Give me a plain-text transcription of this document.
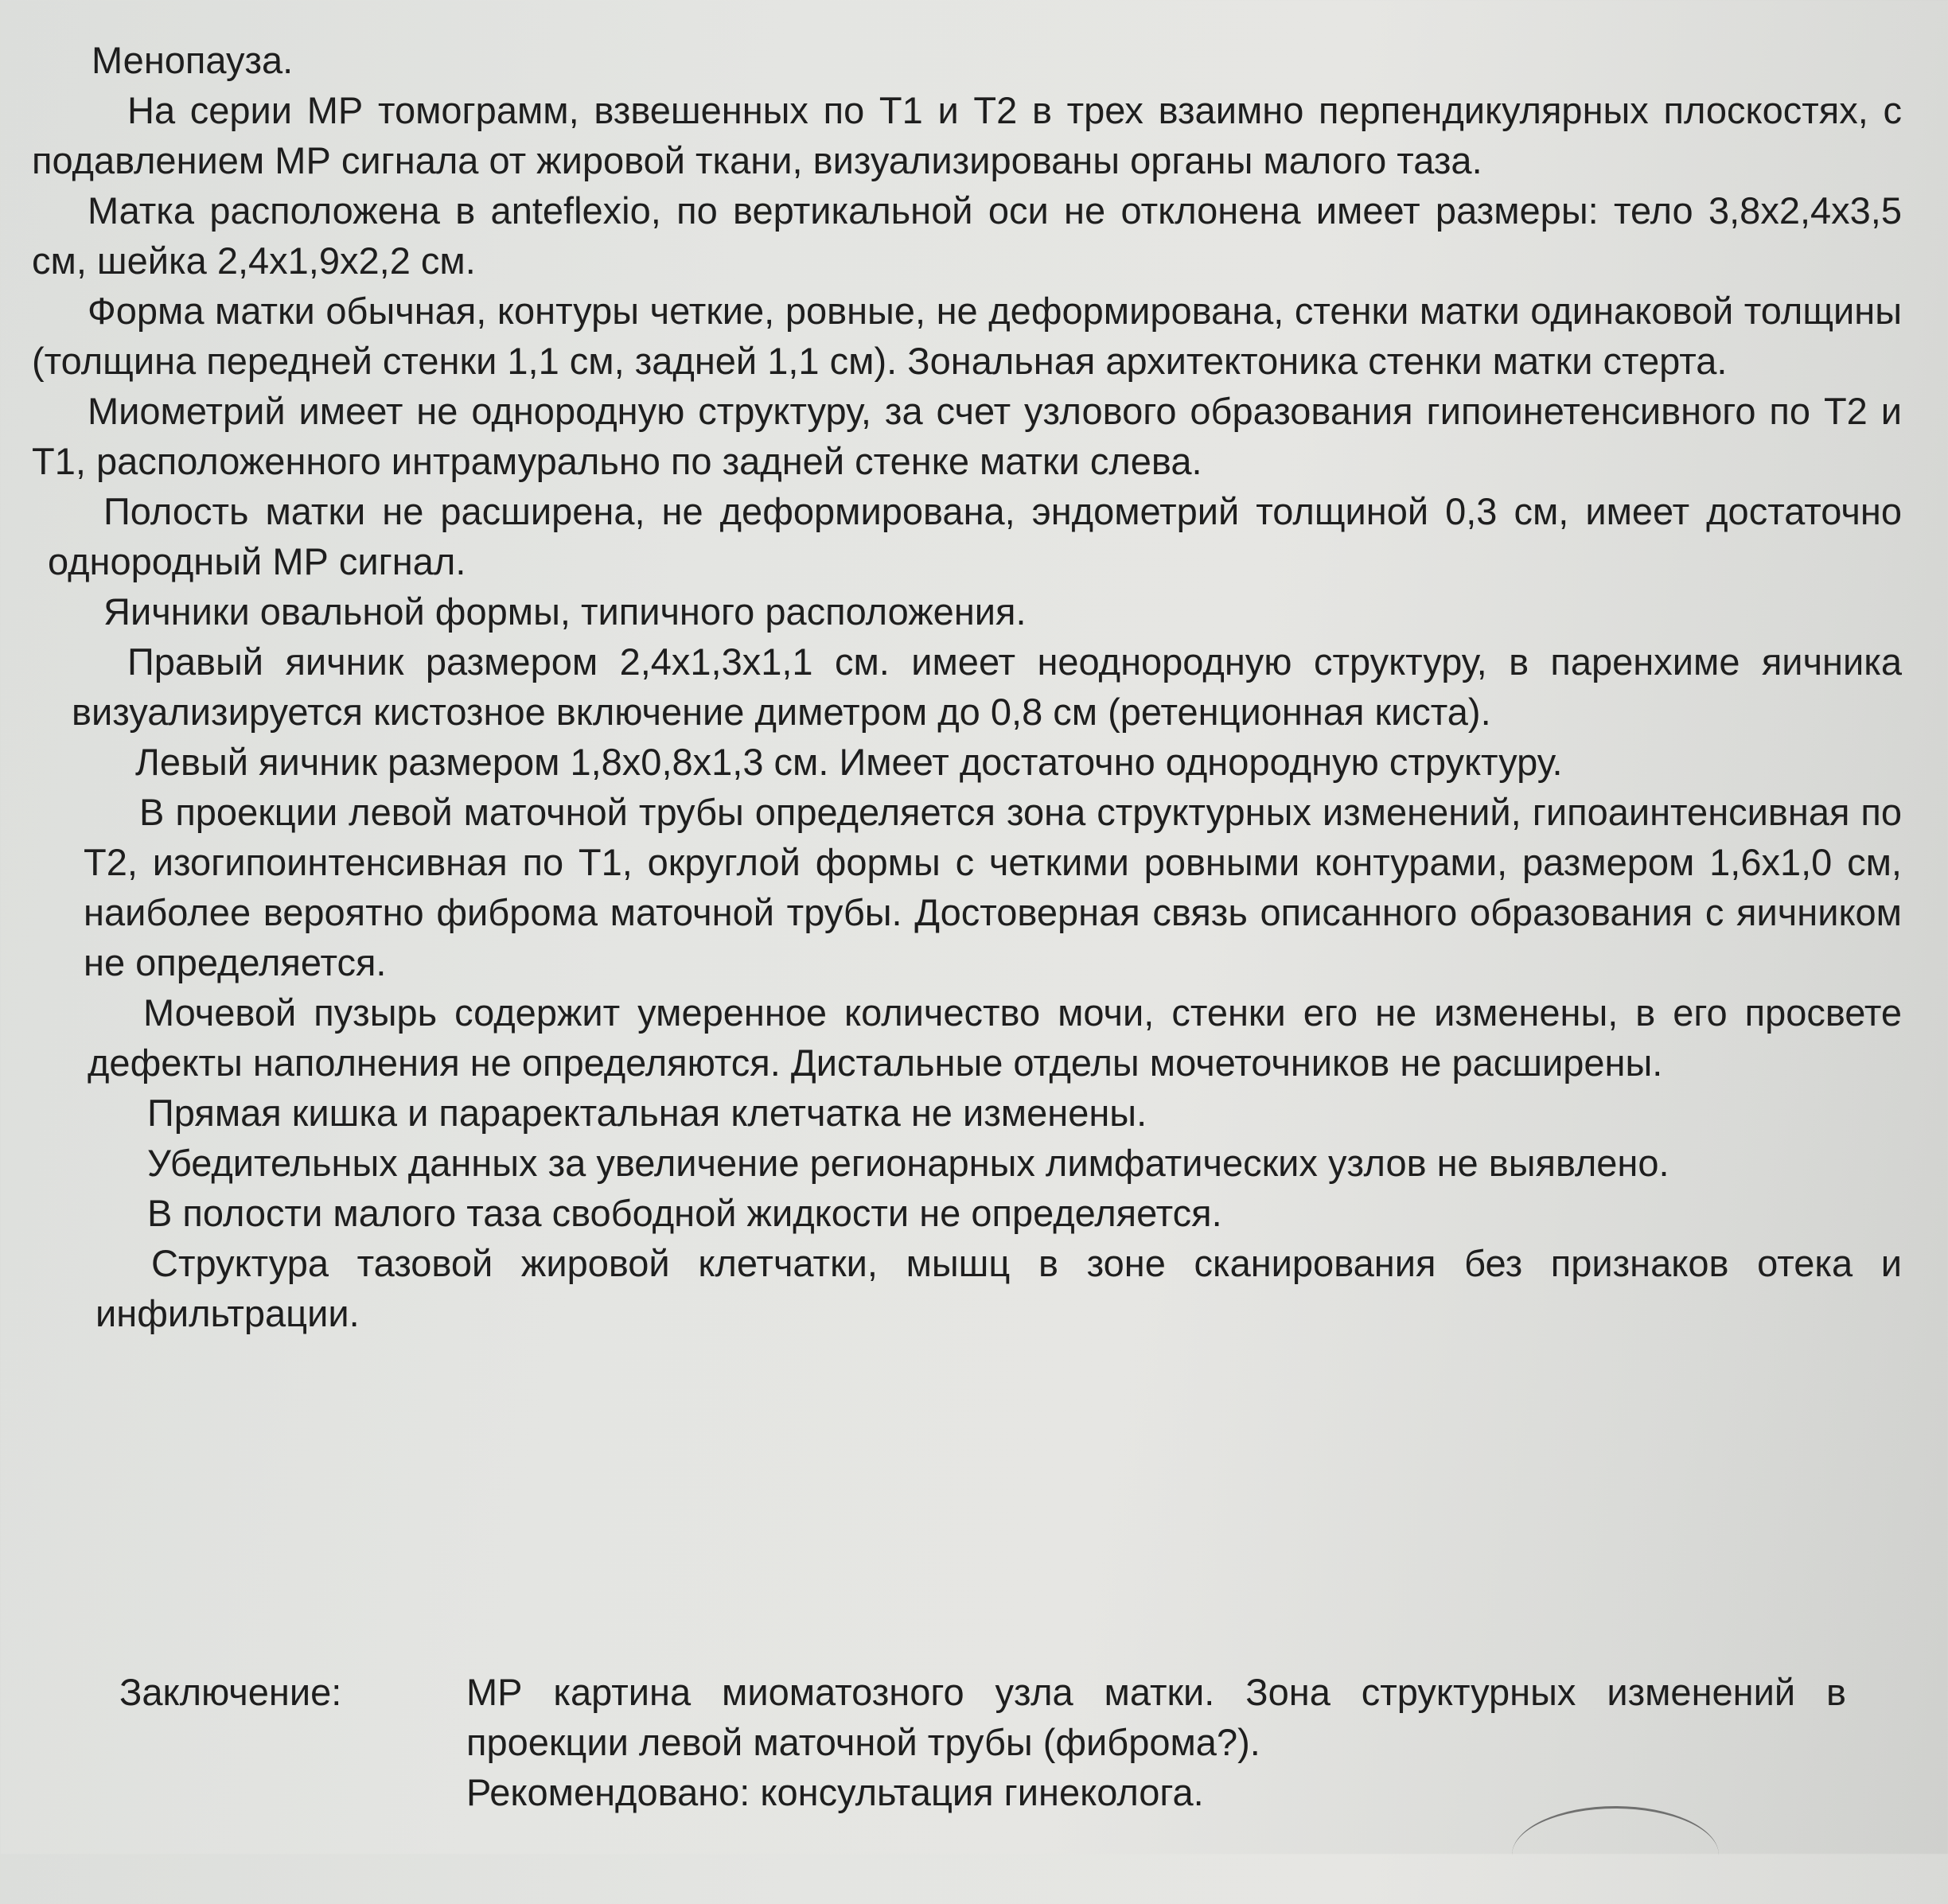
Менопауза.

На серии МР томограмм, взвешенных по Т1 и Т2 в трех взаимно перпендикулярных плоскостях, с подавлением МР сигнала от жировой ткани, визуализированы органы малого таза.

Матка расположена в anteflexio, по вертикальной оси не отклонена имеет размеры: тело 3,8х2,4х3,5 см, шейка 2,4х1,9х2,2 см.

Форма матки обычная, контуры четкие, ровные, не деформирована, стенки матки одинаковой толщины (толщина передней стенки 1,1 см, задней 1,1 см). Зональная архитектоника стенки матки стерта.

Миометрий имеет не однородную структуру, за счет узлового образования гипоинетенсивного по Т2 и Т1, расположенного интрамурально по задней стенке матки слева.

Полость матки не расширена, не деформирована, эндометрий толщиной 0,3 см, имеет достаточно однородный МР сигнал.

Яичники овальной формы, типичного расположения.

Правый яичник размером 2,4х1,3х1,1 см. имеет неоднородную структуру, в паренхиме яичника визуализируется кистозное включение диметром до 0,8 см (ретенционная киста).

Левый яичник размером 1,8х0,8х1,3 см. Имеет достаточно однородную структуру.

В проекции левой маточной трубы определяется зона структурных изменений, гипоаинтенсивная по Т2, изогипоинтенсивная по Т1, округлой формы с четкими ровными контурами, размером 1,6х1,0 см, наиболее вероятно фиброма маточной трубы. Достоверная связь описанного образования с яичником не определяется.

Мочевой пузырь содержит умеренное количество мочи, стенки его не изменены, в его просвете дефекты наполнения не определяются. Дистальные отделы мочеточников не расширены.

Прямая кишка и параректальная клетчатка не изменены.

Убедительных данных за увеличение регионарных лимфатических узлов не выявлено.

В полости малого таза свободной жидкости не определяется.

Структура тазовой жировой клетчатки, мышц в зоне сканирования без признаков отека и инфильтрации.

Заключение:	МР картина миоматозного узла матки. Зона структурных изменений в проекции левой маточной трубы (фиброма?).

Рекомендовано: консультация гинеколога.
